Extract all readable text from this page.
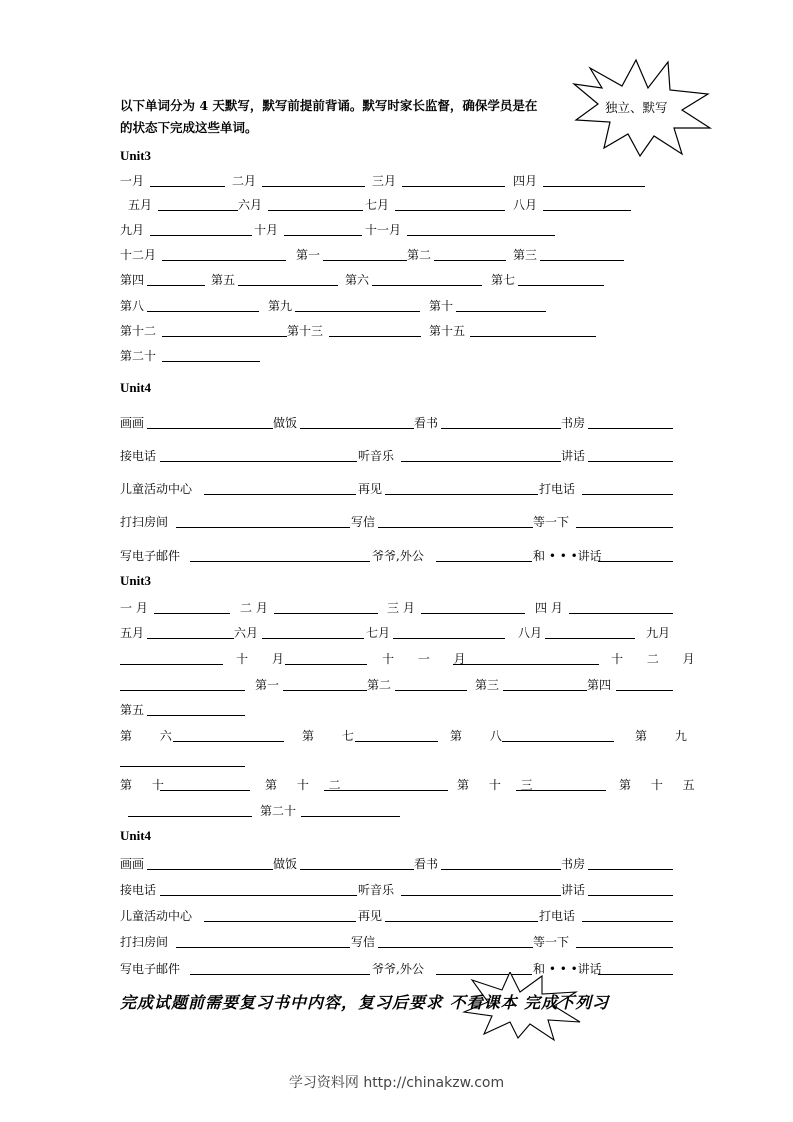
以下单词分为 4 天默写，默写前提前背诵。默写时家长监督，确保学员是在
的状态下完成这些单词。
独立、默写
Unit3
一月	二月	三月	四月
五月	六月	七月	八月
九月	十月	十一月
十二月	第一	第二	第三
第四	第五	第六	第七
第八	第九	第十
第十二	第十三	第十五
第二十
Unit4
画画	做饭	看书	书房
接电话	听音乐	讲话
儿童活动中心	再见	打电话
打扫房间	写信	等一下
写电子邮件	爷爷,外公	和 • • •讲话
Unit3
一 月	二 月	三 月	四 月
五月	六月	七月	八月	九月
十 月	十 一 月	十 二 月
第一	第二	第三	第四
第五
第 六	第 七	第 八	第 九
第 十	第 十 二	第 十 三	第 十 五
第二十
Unit4
画画	做饭	看书	书房
接电话	听音乐	讲话
儿童活动中心	再见	打电话
打扫房间	写信	等一下
写电子邮件	爷爷,外公	和 • • •讲话
完成试题前需要复习书中内容，复习后要求 不看课本 完成下列习
学习资料网 http://chinakzw.com
